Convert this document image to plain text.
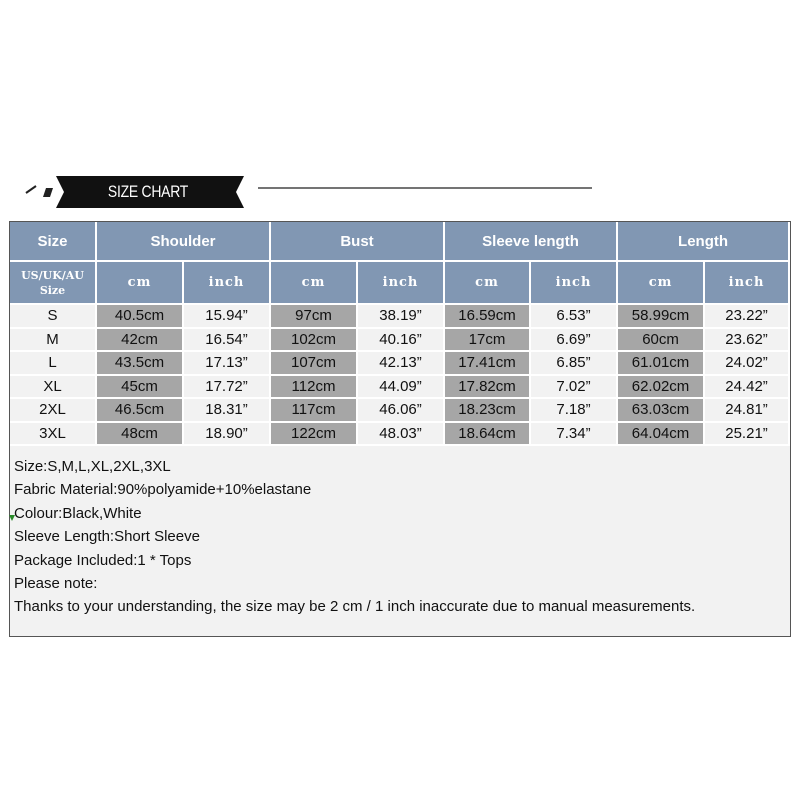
SIZE CHART
Size	Shoulder		Bust		Sleeve length		Length	

US/UK/AU
Size	cm	inch	cm	inch	cm	inch	cm	inch
S	40.5cm	15.94”	97cm	38.19”	16.59cm	6.53”	58.99cm	23.22”
M	42cm	16.54”	102cm	40.16”	17cm	6.69”	60cm	23.62”
L	43.5cm	17.13”	107cm	42.13”	17.41cm	6.85”	61.01cm	24.02”
XL	45cm	17.72”	112cm	44.09”	17.82cm	7.02”	62.02cm	24.42”
2XL	46.5cm	18.31”	117cm	46.06”	18.23cm	7.18”	63.03cm	24.81”
3XL	48cm	18.90”	122cm	48.03”	18.64cm	7.34”	64.04cm	25.21”
Size:S,M,L,XL,2XL,3XL
Fabric Material:90%polyamide+10%elastane
Colour:Black,White
Sleeve Length:Short Sleeve
Package Included:1 * Tops
Please note:
Thanks to your understanding, the size may be 2 cm / 1 inch inaccurate due to manual measurements.
